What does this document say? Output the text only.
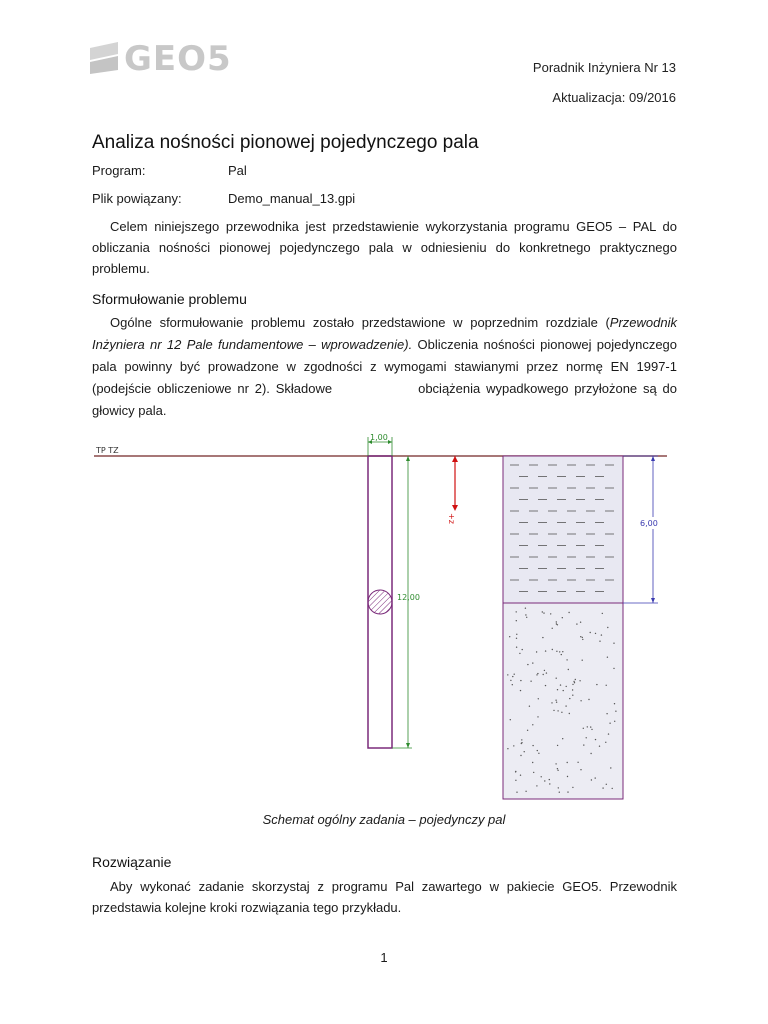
GEO5	Poradnik Inżyniera Nr 13
Aktualizacja: 09/2016
Analiza nośności pionowej pojedynczego pala
Program:	Pal
Plik powiązany:	Demo_manual_13.gpi
Celem niniejszego przewodnika jest przedstawienie wykorzystania programu GEO5 – PAL do obliczania nośności pionowej pojedynczego pala w odniesieniu do konkretnego praktycznego problemu.
Sformułowanie problemu
Ogólne sformułowanie problemu zostało przedstawione w poprzednim rozdziale (Przewodnik Inżyniera nr 12 Pale fundamentowe – wprowadzenie). Obliczenia nośności pionowej pojedynczego pala powinny być prowadzone w zgodności z wymogami stawianymi przez normę EN 1997-1 (podejście obliczeniowe nr 2). Składowe	obciążenia wypadkowego przyłożone są do głowicy pala.
TP TZ
1,00
12,00
+z	6,00
Schemat ogólny zadania – pojedynczy pal
Rozwiązanie
Aby wykonać zadanie skorzystaj z programu Pal zawartego w pakiecie GEO5. Przewodnik przedstawia kolejne kroki rozwiązania tego przykładu.
1
